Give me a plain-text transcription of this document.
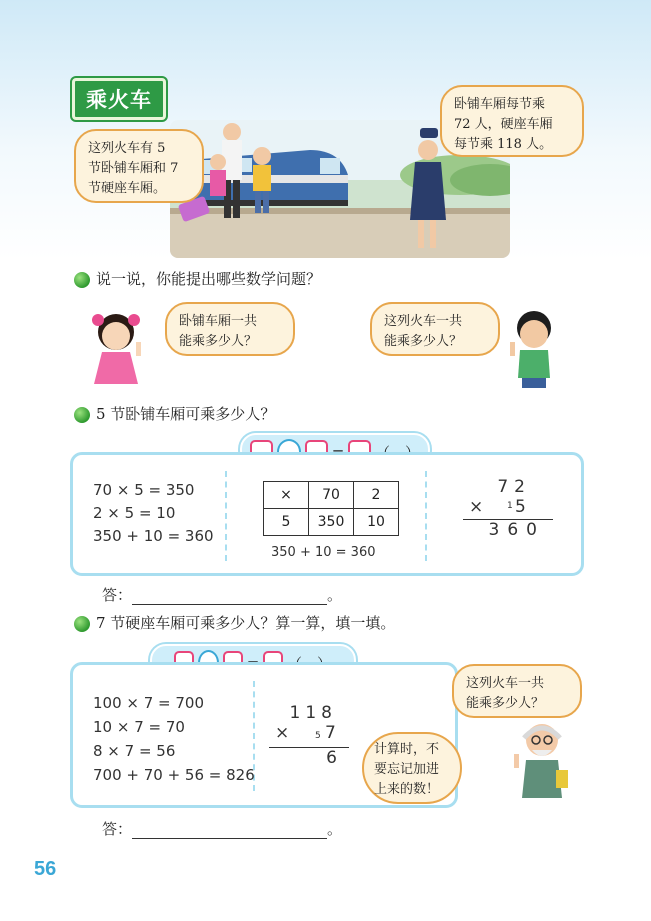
乘火车
这列火车有 5
节卧铺车厢和 7
节硬座车厢。
卧铺车厢每节乘
72 人，硬座车厢
每节乘 118 人。
说一说，你能提出哪些数学问题？
卧铺车厢一共
能乘多少人？
这列火车一共
能乘多少人？
5 节卧铺车厢可乘多少人？
70 × 5 = 350
2 × 5 = 10
350 + 10 = 360
×	70	2
5	350	10
350 + 10 = 360
72
×	1 5
360
答：	。
7 节硬座车厢可乘多少人？算一算，填一填。
100 × 7 = 700
10 × 7 = 70
8 × 7 = 56
700 + 70 + 56 = 826
118
×	5 7
6
这列火车一共
能乘多少人？
计算时，不
要忘记加进
上来的数！
答：	。
56
